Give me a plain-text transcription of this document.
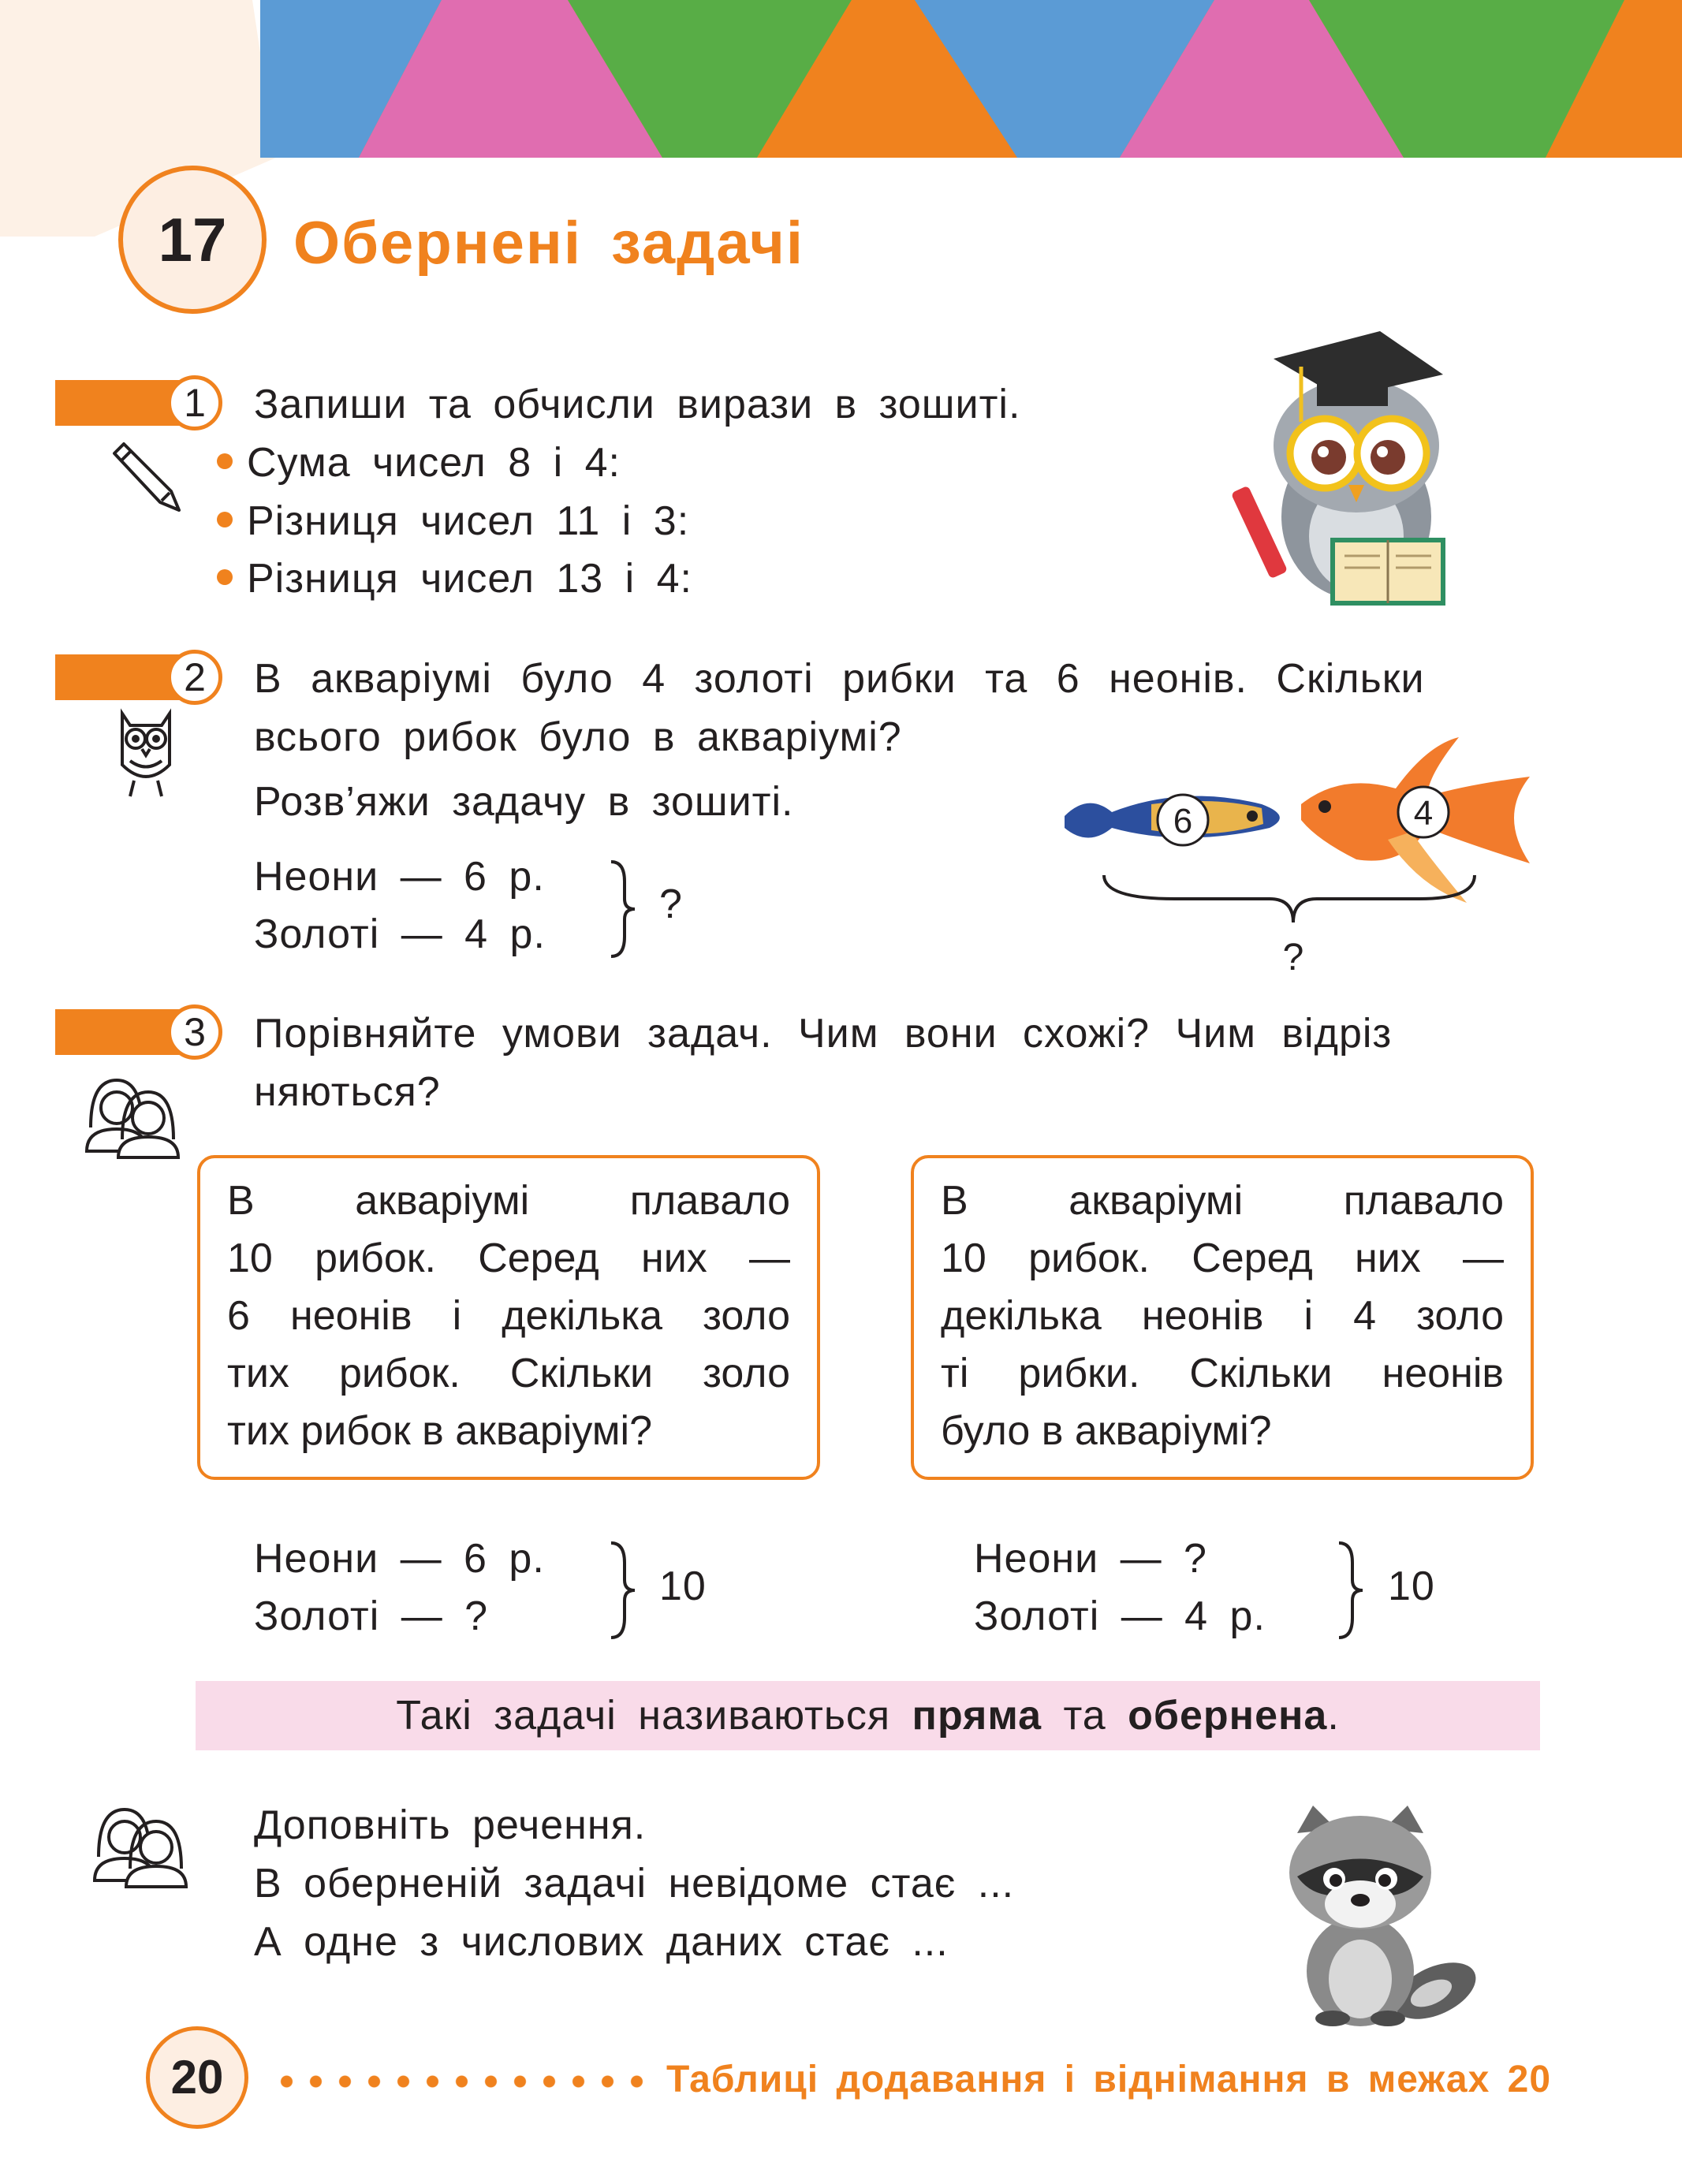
17	Обернені задачі
1	Запиши та обчисли вирази в зошиті.
Сума чисел 8 і 4:
Різниця чисел 11 і 3:
Різниця чисел 13 і 4:
2	В акваріумі було 4 золоті рибки та 6 неонів. Скільки
всього рибок було в акваріумі?
Розв’яжи задачу в зошиті.
Неони — 6 р.
Золоті — 4 р.
?
6	4
?
3	Порівняйте умови задач. Чим вони схожі? Чим відріз
няються?

В акваріумі плавало

10 рибок. Серед них —

6 неонів і декілька золо

тих рибок. Скільки золо

тих рибок в акваріумі?

В акваріумі плавало

10 рибок. Серед них —

декілька неонів і 4 золо

ті рибки. Скільки неонів

було в акваріумі?

Неони — 6 р.
Золоті — ?
10
Неони — ?
Золоті — 4 р.
10
Такі задачі називаються пряма та обернена.
Доповніть речення.
В оберненій задачі невідоме стає ...
А одне з числових даних стає ...
20	Таблиці додавання і віднімання в межах 20
